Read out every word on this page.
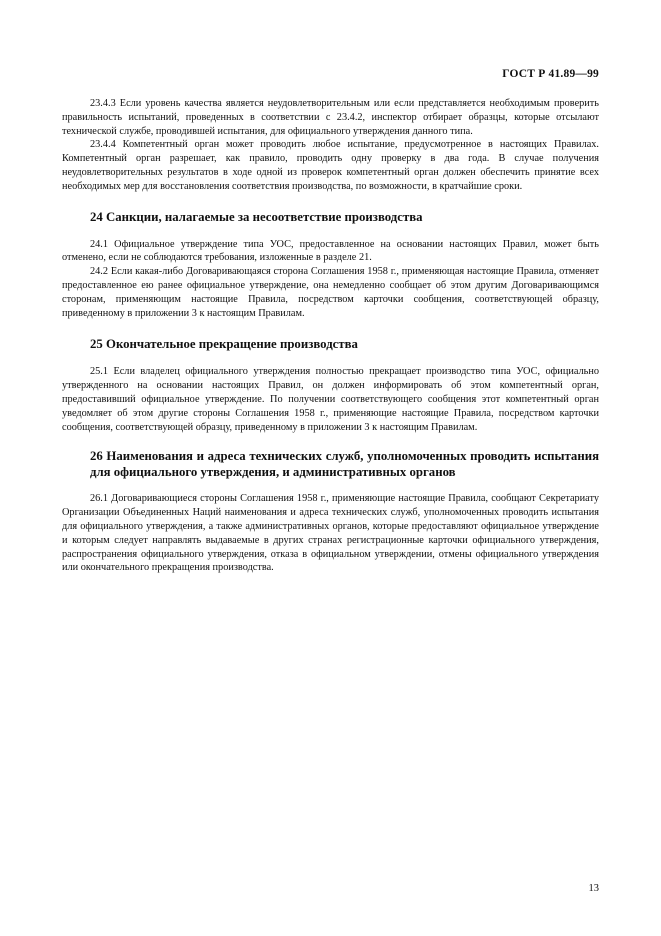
ГОСТ Р 41.89—99

23.4.3 Если уровень качества является неудовлетворительным или если представляется необходимым проверить правильность испытаний, проведенных в соответствии с 23.4.2, инспектор отбирает образцы, которые отсылают технической службе, проводившей испытания, для официального утверждения данного типа.

23.4.4 Компетентный орган может проводить любое испытание, предусмотренное в настоящих Правилах. Компетентный орган разрешает, как правило, проводить одну проверку в два года. В случае получения неудовлетворительных результатов в ходе одной из проверок компетентный орган должен обеспечить принятие всех необходимых мер для восстановления соответствия производства, по возможности, в кратчайшие сроки.

24 Санкции, налагаемые за несоответствие производства

24.1 Официальное утверждение типа УОС, предоставленное на основании настоящих Правил, может быть отменено, если не соблюдаются требования, изложенные в разделе 21.

24.2 Если какая-либо Договаривающаяся сторона Соглашения 1958 г., применяющая настоящие Правила, отменяет предоставленное ею ранее официальное утверждение, она немедленно сообщает об этом другим Договаривающимся сторонам, применяющим настоящие Правила, посредством карточки сообщения, соответствующей образцу, приведенному в приложении 3 к настоящим Правилам.

25 Окончательное прекращение производства

25.1 Если владелец официального утверждения полностью прекращает производство типа УОС, официально утвержденного на основании настоящих Правил, он должен информировать об этом компетентный орган, предоставивший официальное утверждение. По получении соответствующего сообщения этот компетентный орган уведомляет об этом другие стороны Соглашения 1958 г., применяющие настоящие Правила, посредством карточки сообщения, соответствующей образцу, приведенному в приложении 3 к настоящим Правилам.

26 Наименования и адреса технических служб, уполномоченных проводить испытания для официального утверждения, и административных органов

26.1 Договаривающиеся стороны Соглашения 1958 г., применяющие настоящие Правила, сообщают Секретариату Организации Объединенных Наций наименования и адреса технических служб, уполномоченных проводить испытания для официального утверждения, а также административных органов, которые предоставляют официальное утверждение и которым следует направлять выдаваемые в других странах регистрационные карточки официального утверждения, распространения официального утверждения, отказа в официальном утверждении, отмены официального утверждения или окончательного прекращения производства.

13
